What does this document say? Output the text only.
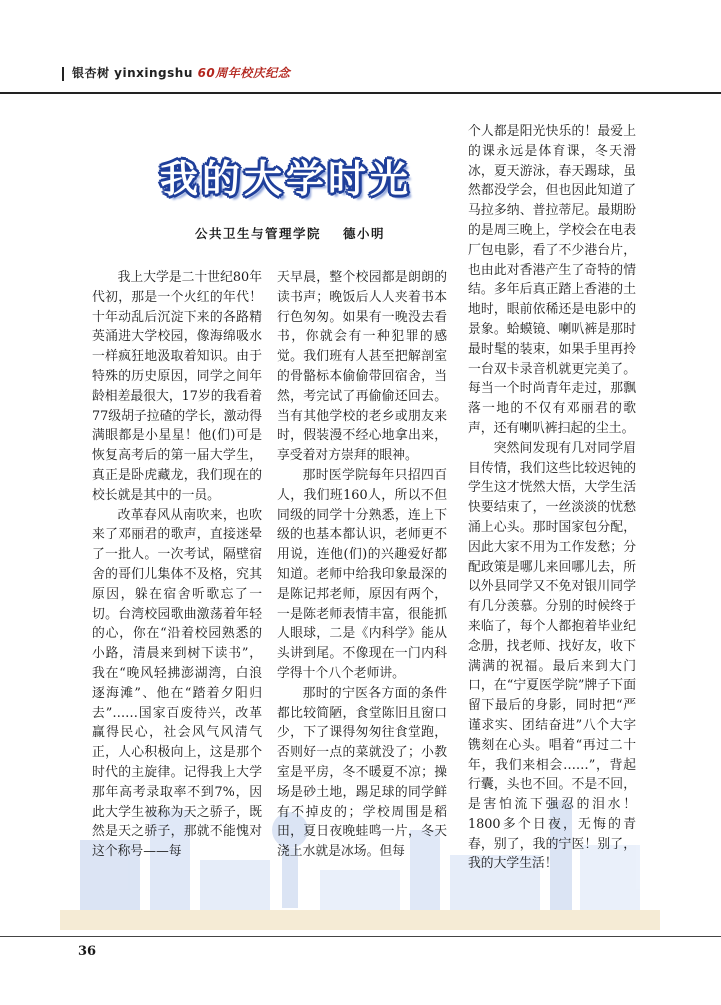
银杏树 yinxingshu 60周年校庆纪念
我的大学时光
公共卫生与管理学院 德小明

我上大学是二十世纪80年代初，那是一个火红的年代！十年动乱后沉淀下来的各路精英涌进大学校园，像海绵吸水一样疯狂地汲取着知识。由于特殊的历史原因，同学之间年龄相差最很大，17岁的我看着77级胡子拉碴的学长，激动得满眼都是小星星！他(们)可是恢复高考后的第一届大学生，真正是卧虎藏龙，我们现在的校长就是其中的一员。

改革春风从南吹来，也吹来了邓丽君的歌声，直接迷晕了一批人。一次考试，隔壁宿舍的哥们儿集体不及格，究其原因，躲在宿舍听歌忘了一切。台湾校园歌曲激荡着年轻的心，你在“沿着校园熟悉的小路，清晨来到树下读书”，我在“晚风轻拂澎湖湾，白浪逐海滩”、他在“踏着夕阳归去”……国家百废待兴，改革赢得民心，社会风气风清气正，人心积极向上，这是那个时代的主旋律。记得我上大学那年高考录取率不到7%，因此大学生被称为天之骄子，既然是天之骄子，那就不能愧对这个称号——每

天早晨，整个校园都是朗朗的读书声；晚饭后人人夹着书本行色匆匆。如果有一晚没去看书，你就会有一种犯罪的感觉。我们班有人甚至把解剖室的骨骼标本偷偷带回宿舍，当然，考完试了再偷偷还回去。当有其他学校的老乡或朋友来时，假装漫不经心地拿出来，享受着对方崇拜的眼神。

那时医学院每年只招四百人，我们班160人，所以不但同级的同学十分熟悉，连上下级的也基本都认识，老师更不用说，连他(们)的兴趣爱好都知道。老师中给我印象最深的是陈记邦老师，原因有两个，一是陈老师表情丰富，很能抓人眼球，二是《内科学》能从头讲到尾。不像现在一门内科学得十个八个老师讲。

那时的宁医各方面的条件都比较简陋，食堂陈旧且窗口少，下了课得匆匆往食堂跑，否则好一点的菜就没了；小教室是平房，冬不暖夏不凉；操场是砂土地，踢足球的同学鲜有不掉皮的；学校周围是稻田，夏日夜晚蛙鸣一片，冬天浇上水就是冰场。但每

个人都是阳光快乐的！最爱上的课永远是体育课，冬天滑冰，夏天游泳，春天踢球，虽然都没学会，但也因此知道了马拉多纳、普拉蒂尼。最期盼的是周三晚上，学校会在电表厂包电影，看了不少港台片，也由此对香港产生了奇特的情结。多年后真正踏上香港的土地时，眼前依稀还是电影中的景象。蛤蟆镜、喇叭裤是那时最时髦的装束，如果手里再拎一台双卡录音机就更完美了。每当一个时尚青年走过，那飘落一地的不仅有邓丽君的歌声，还有喇叭裤扫起的尘土。

突然间发现有几对同学眉目传情，我们这些比较迟钝的学生这才恍然大悟，大学生活快要结束了，一丝淡淡的忧愁涌上心头。那时国家包分配，因此大家不用为工作发愁；分配政策是哪儿来回哪儿去，所以外县同学又不免对银川同学有几分羡慕。分别的时候终于来临了，每个人都抱着毕业纪念册，找老师、找好友，收下满满的祝福。最后来到大门口，在“宁夏医学院”牌子下面留下最后的身影，同时把“严谨求实、团结奋进”八个大字镌刻在心头。唱着“再过二十年，我们来相会……”，背起行囊，头也不回。不是不回，是害怕流下强忍的泪水！1800多个日夜，无悔的青春，别了，我的宁医！别了，我的大学生活！

36
